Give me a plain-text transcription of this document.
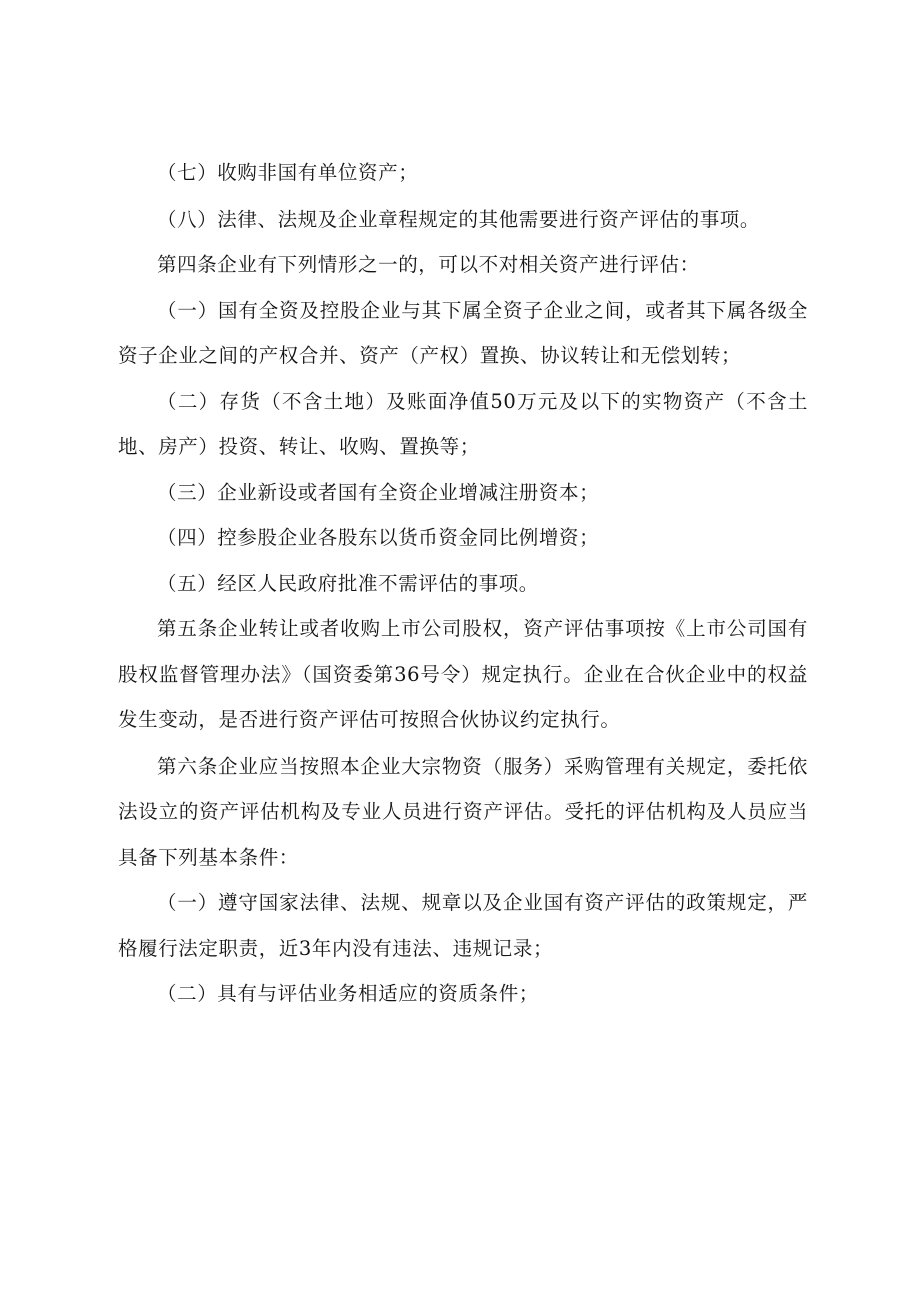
（七）收购非国有单位资产；

（八）法律、法规及企业章程规定的其他需要进行资产评估的事项。

第四条企业有下列情形之一的，可以不对相关资产进行评估：

（一）国有全资及控股企业与其下属全资子企业之间，或者其下属各级全资子企业之间的产权合并、资产（产权）置换、协议转让和无偿划转；

（二）存货（不含土地）及账面净值50万元及以下的实物资产（不含土地、房产）投资、转让、收购、置换等；

（三）企业新设或者国有全资企业增减注册资本；

（四）控参股企业各股东以货币资金同比例增资；

（五）经区人民政府批准不需评估的事项。

第五条企业转让或者收购上市公司股权，资产评估事项按《上市公司国有股权监督管理办法》（国资委第36号令）规定执行。企业在合伙企业中的权益发生变动，是否进行资产评估可按照合伙协议约定执行。

第六条企业应当按照本企业大宗物资（服务）采购管理有关规定，委托依法设立的资产评估机构及专业人员进行资产评估。受托的评估机构及人员应当具备下列基本条件：

（一）遵守国家法律、法规、规章以及企业国有资产评估的政策规定，严格履行法定职责，近3年内没有违法、违规记录；

（二）具有与评估业务相适应的资质条件；
